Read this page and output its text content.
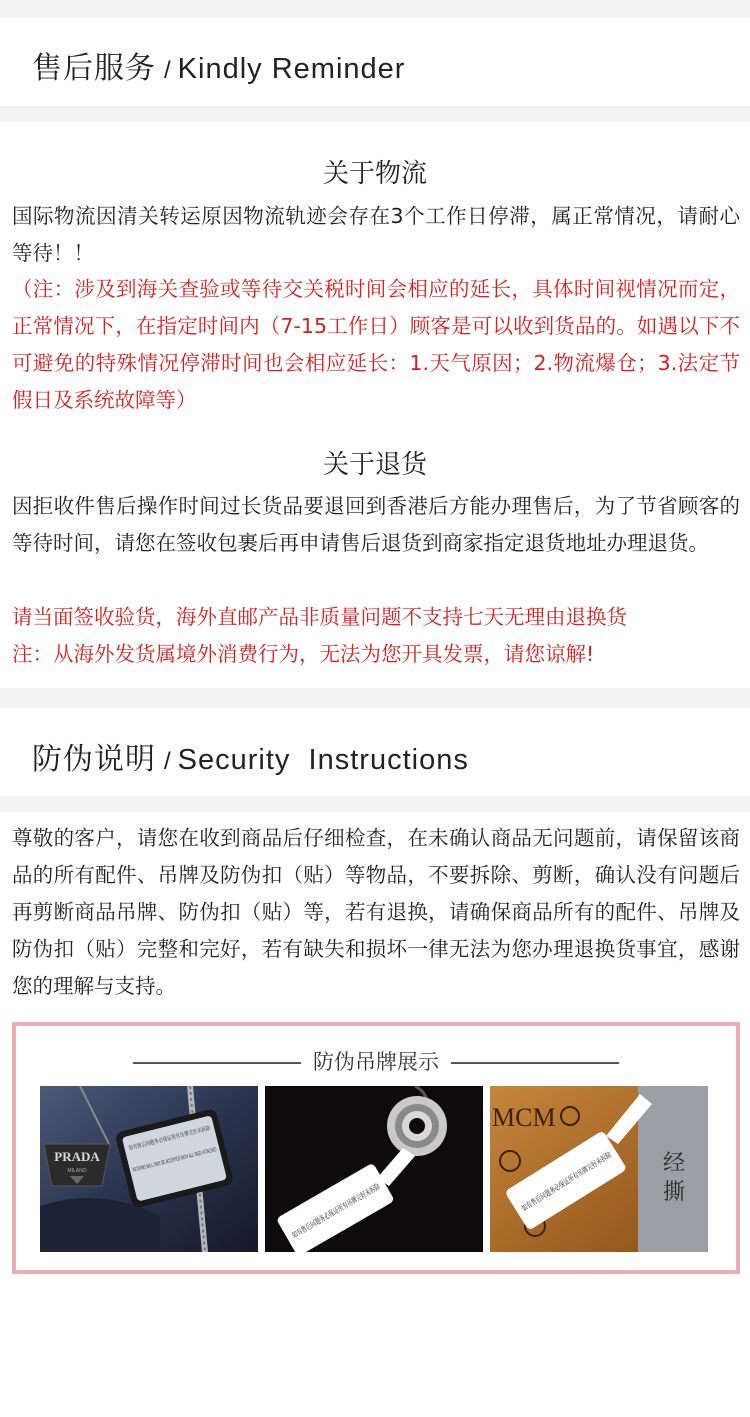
售后服务 / Kindly Reminder
关于物流
国际物流因清关转运原因物流轨迹会存在3个工作日停滞，属正常情况，请耐心等待！！
（注：涉及到海关查验或等待交关税时间会相应的延长，具体时间视情况而定，正常情况下，在指定时间内（7-15工作日）顾客是可以收到货品的。如遇以下不可避免的特殊情况停滞时间也会相应延长：1.天气原因；2.物流爆仓；3.法定节假日及系统故障等）
关于退货
因拒收件售后操作时间过长货品要退回到香港后方能办理售后，为了节省顾客的等待时间，请您在签收包裹后再申请售后退货到商家指定退货地址办理退货。
请当面签收验货，海外直邮产品非质量问题不支持七天无理由退换货
注：从海外发货属境外消费行为，无法为您开具发票，请您谅解!
防伪说明 / Security  Instructions
尊敬的客户，请您在收到商品后仔细检查，在未确认商品无问题前，请保留该商品的所有配件、吊牌及防伪扣（贴）等物品，不要拆除、剪断，确认没有问题后再剪断商品吊牌、防伪扣（贴）等，若有退换，请确保商品所有的配件、吊牌及防伪扣（贴）完整和完好，若有缺失和损坏一律无法为您办理退换货事宜，感谢您的理解与支持。
防伪吊牌展示
PRADA
MILANO
如有售后问题务必保证所有吊牌完好未拆除
如有售后问题务必保证所有吊牌完好未拆除
MCM
经 撕
如有售后问题务必保证所有吊牌完好未拆除
